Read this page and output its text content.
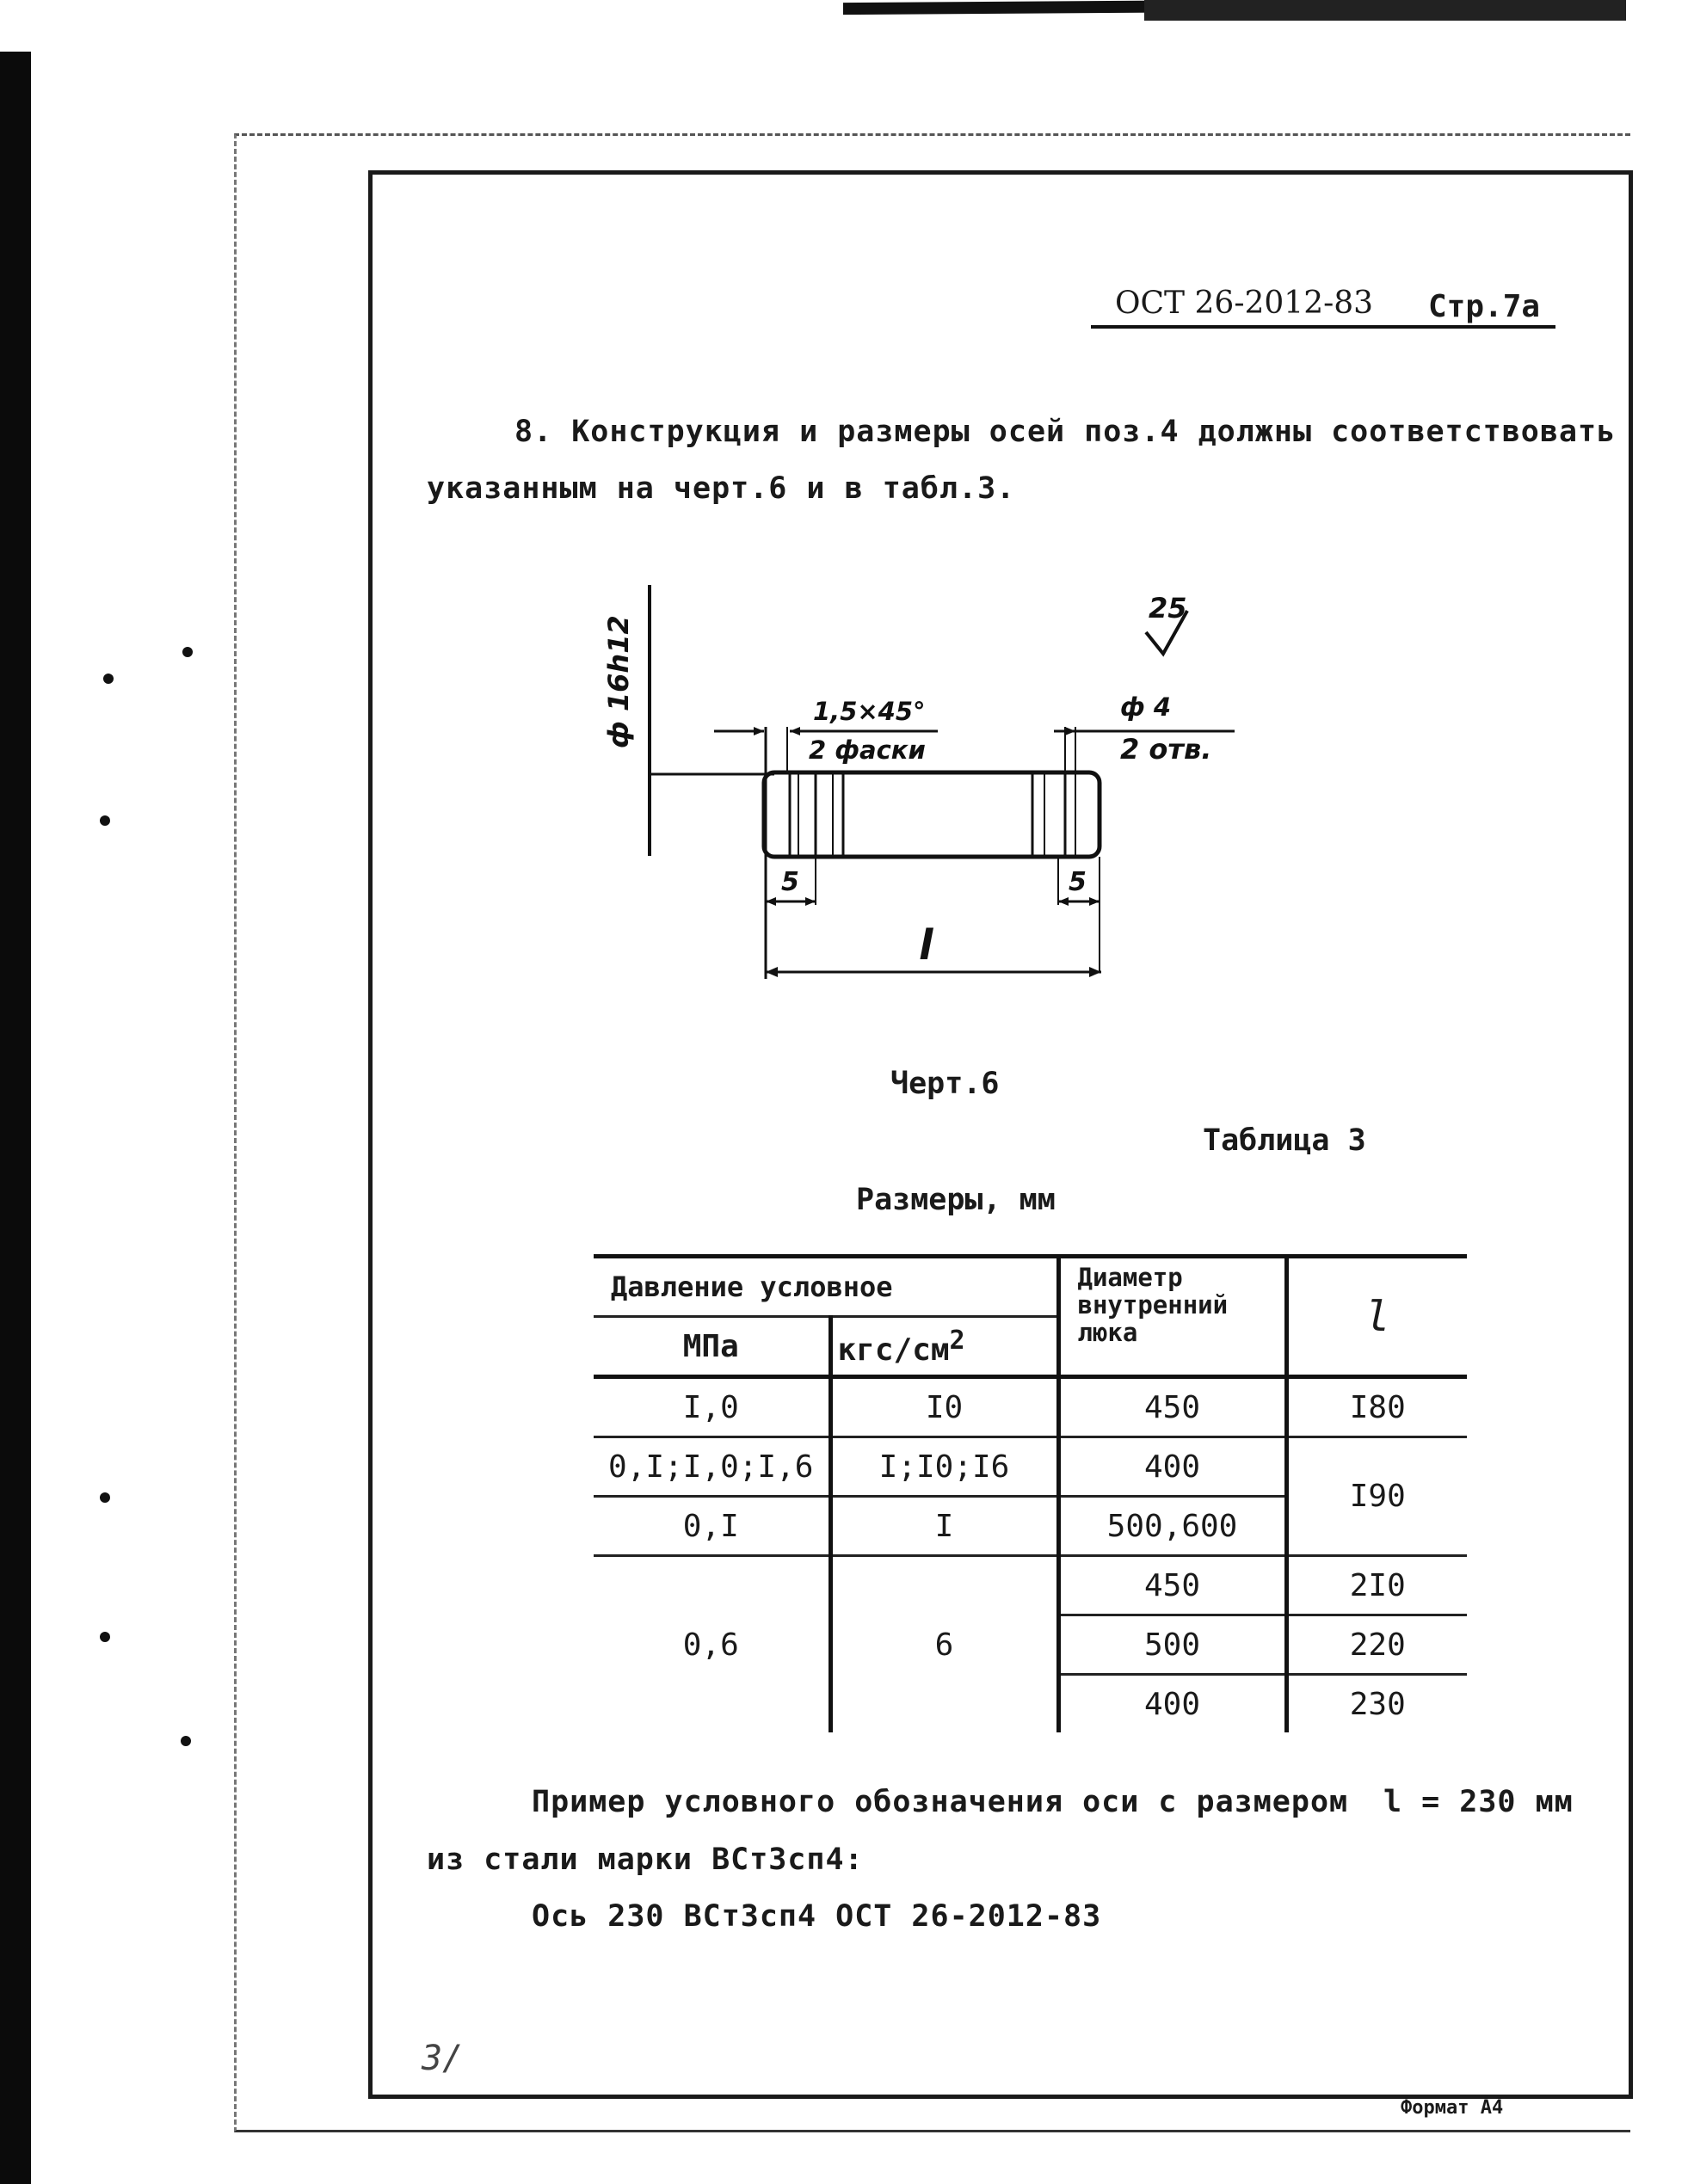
ОСТ 26-2012-83 Стр.7а
8. Конструкция и размеры осей поз.4 должны соответствовать
указанным на черт.6 и в табл.3.
ф 16h12
25
1,5×45°
2 фаски
ф 4
2 отв.
5	5
l
Черт.6
Таблица 3
Размеры, мм
Давление условное		Диаметр внутренний люка	l
МПа	кгс/$см^2$
I,0	I0	450	I80
0,I;I,0;I,6	I;I0;I6	400	I90
0,I	I	500,600	
0,6	6	450	2I0
		500	220
		400	230
Пример условного обозначения оси с размером l = 230 мм
из стали марки ВСт3сп4:
Ось 230 ВСт3сп4 ОСТ 26-2012-83
3/
Формат А4
